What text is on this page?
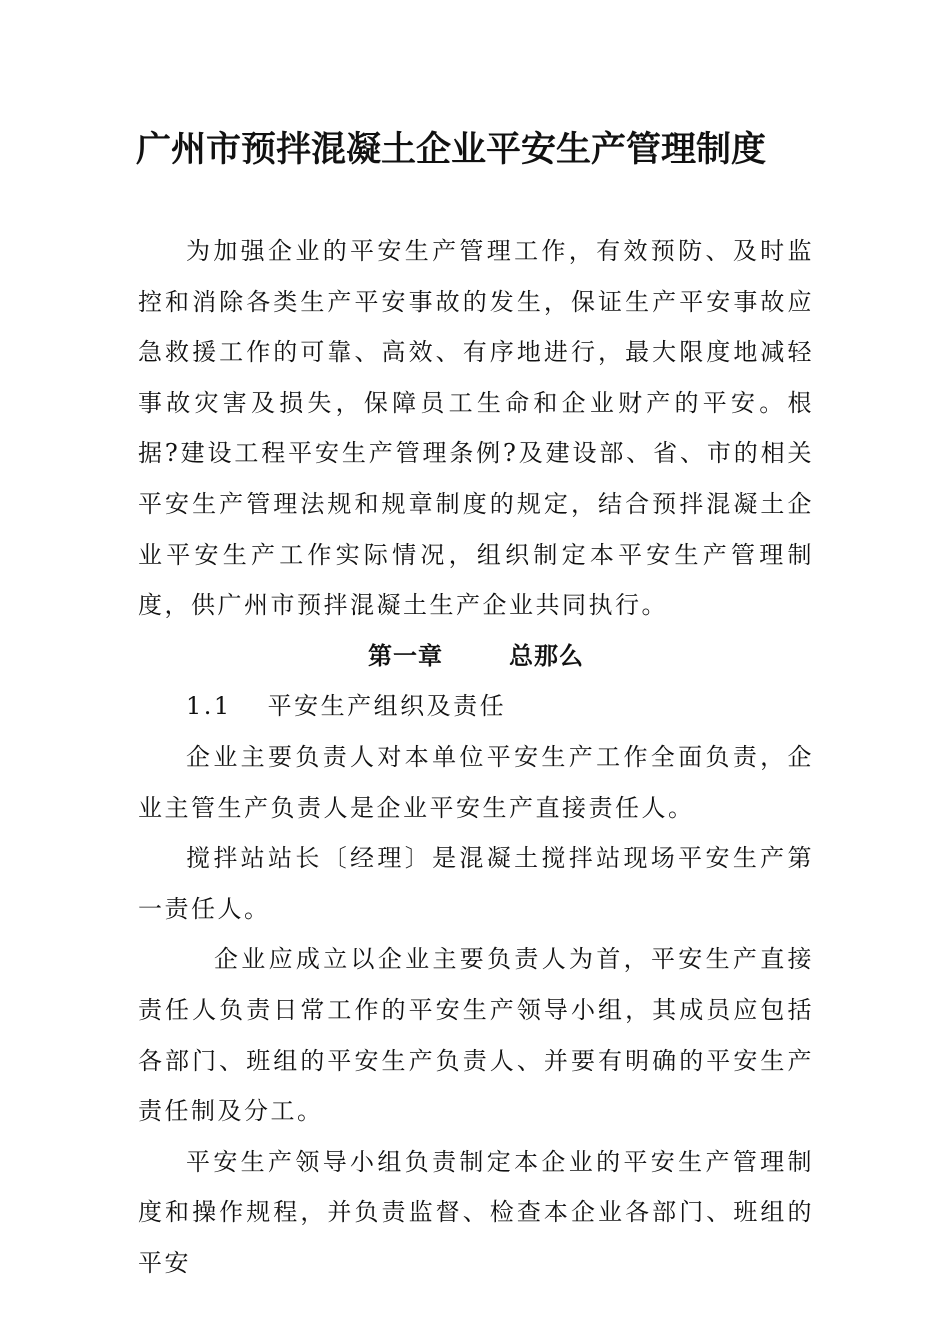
广州市预拌混凝土企业平安生产管理制度

为加强企业的平安生产管理工作，有效预防、及时监控和消除各类生产平安事故的发生，保证生产平安事故应急救援工作的可靠、高效、有序地进行，最大限度地减轻事故灾害及损失，保障员工生命和企业财产的平安。根据?建设工程平安生产管理条例?及建设部、省、市的相关平安生产管理法规和规章制度的规定，结合预拌混凝土企业平安生产工作实际情况，组织制定本平安生产管理制度，供广州市预拌混凝土生产企业共同执行。

第一章	总那么

1.1 平安生产组织及责任

企业主要负责人对本单位平安生产工作全面负责，企业主管生产负责人是企业平安生产直接责任人。

搅拌站站长〔经理〕是混凝土搅拌站现场平安生产第一责任人。

企业应成立以企业主要负责人为首，平安生产直接责任人负责日常工作的平安生产领导小组，其成员应包括各部门、班组的平安生产负责人、并要有明确的平安生产责任制及分工。

平安生产领导小组负责制定本企业的平安生产管理制度和操作规程，并负责监督、检查本企业各部门、班组的平安
